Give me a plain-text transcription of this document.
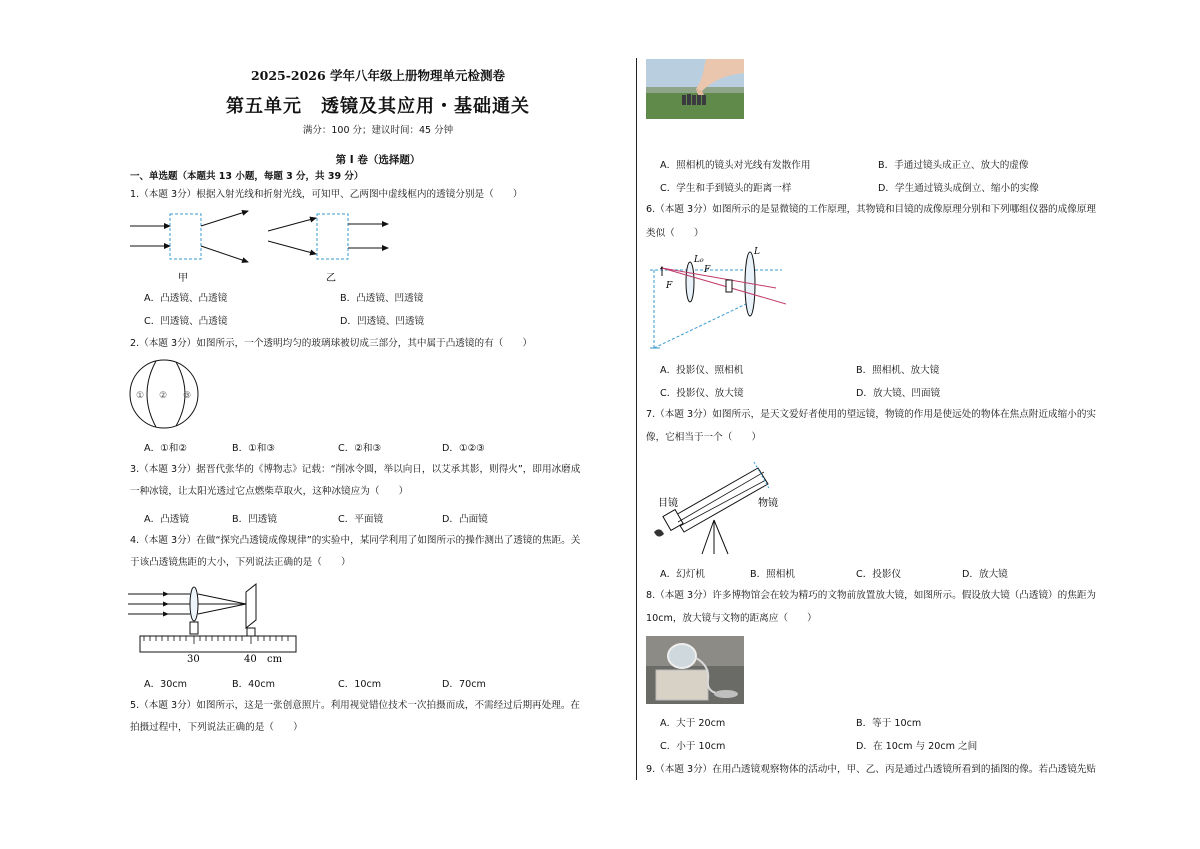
2025-2026 学年八年级上册物理单元检测卷
第五单元　透镜及其应用・基础通关
满分：100 分；建议时间：45 分钟
第 I 卷（选择题）
一、单选题（本题共 13 小题，每题 3 分，共 39 分）
1.（本题 3分）根据入射光线和折射光线，可知甲、乙两图中虚线框内的透镜分别是（　　）
甲	乙
A．凸透镜、凸透镜	B．凸透镜、凹透镜
C．凹透镜、凸透镜	D．凹透镜、凹透镜
2.（本题 3分）如图所示，一个透明均匀的玻璃球被切成三部分，其中属于凸透镜的有（　　）
① ② ③
A．①和②	B．①和③	C．②和③	D．①②③
3.（本题 3分）据晋代张华的《博物志》记载：“削冰令圆，举以向日，以艾承其影，则得火”，即用冰磨成
一种冰镜，让太阳光透过它点燃柴草取火，这种冰镜应为（　　）
A．凸透镜	B．凹透镜	C．平面镜	D．凸面镜
4.（本题 3分）在做“探究凸透镜成像规律”的实验中，某同学利用了如图所示的操作测出了透镜的焦距。关
于该凸透镜焦距的大小，下列说法正确的是（　　）
30	40 cm
A．30cm	B．40cm	C．10cm	D．70cm
5.（本题 3分）如图所示，这是一张创意照片。利用视觉错位技术一次拍摄而成，不需经过后期再处理。在
拍摄过程中，下列说法正确的是（　　）
A．照相机的镜头对光线有发散作用	B．手通过镜头成正立、放大的虚像
C．学生和手到镜头的距离一样	D．学生通过镜头成倒立、缩小的实像
6.（本题 3分）如图所示的是显微镜的工作原理，其物镜和目镜的成像原理分别和下列哪组仪器的成像原理
类似（　　）
F
F
L₀
L
A．投影仪、照相机	B．照相机、放大镜
C．投影仪、放大镜	D．放大镜、凹面镜
7.（本题 3分）如图所示，是天文爱好者使用的望远镜，物镜的作用是使远处的物体在焦点附近成缩小的实
像，它相当于一个（　　）
目镜	物镜
A．幻灯机	B．照相机	C．投影仪	D．放大镜
8.（本题 3分）许多博物馆会在较为精巧的文物前放置放大镜，如图所示。假设放大镜（凸透镜）的焦距为
10cm，放大镜与文物的距离应（　　）
A．大于 20cm	B．等于 10cm
C．小于 10cm	D．在 10cm 与 20cm 之间
9.（本题 3分）在用凸透镜观察物体的活动中，甲、乙、丙是通过凸透镜所看到的插图的像。若凸透镜先贴
